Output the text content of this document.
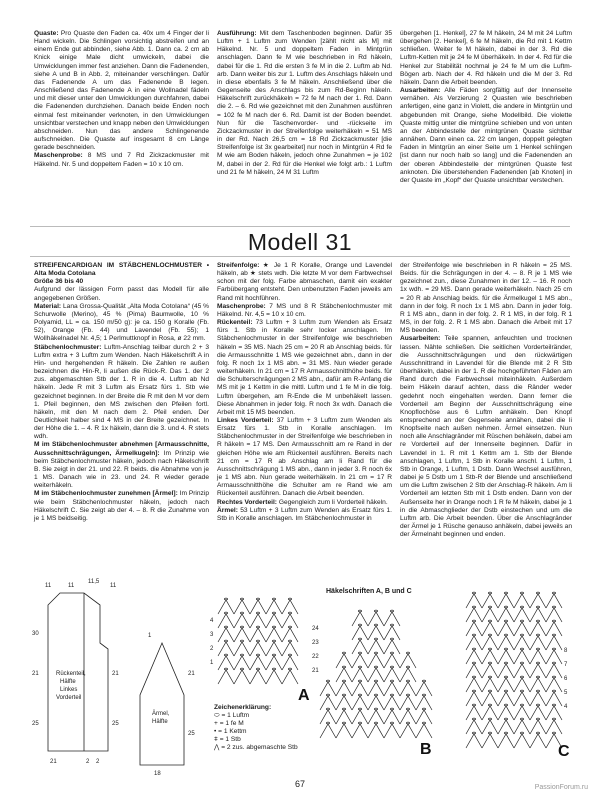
Quaste: Pro Quaste den Faden ca. 40x um 4 Finger der li Hand wickeln. Die Schlingen vorsichtig abstreifen und an einem Ende gut abbinden, siehe Abb. 1. Dann ca. 2 cm ab Knick einige Male dicht umwickeln, dabei die Umwicklungen immer fest anziehen. Dann die Fadenenden, siehe A und B in Abb. 2, miteinander verschlingen. Dafür das Fadenende A um das Fadenende B legen. Anschließend das Fadenende A in eine Wollnadel fädeln und mit dieser unter den Umwicklungen durchfahren, dabei die Fadenenden durchziehen. Danach beide Enden noch einmal fest miteinander verknoten, in den Umwicklungen unsichtbar verstechen und knapp neben den Umwicklungen abschneiden. Nun das andere Schlingenende aufschneiden. Die Quaste auf insgesamt 8 cm Länge gerade beschneiden.

Maschenprobe: 8 MS und 7 Rd Zickzackmuster mit Häkelnd. Nr. 5 und doppeltem Faden = 10 x 10 cm.

Ausführung: Mit dem Taschenboden beginnen. Dafür 35 Luftm + 1 Luftm zum Wenden [zählt nicht als M] mit Häkelnd. Nr. 5 und doppeltem Faden in Mintgrün anschlagen. Dann fe M wie beschrieben in Rd häkeln, dabei für die 1. Rd die ersten 3 fe M in die 2. Luftm ab Nd. arb. Dann weiter bis zur 1. Luftm des Anschlags häkeln und in diese ebenfalls 3 fe M häkeln. Anschließend über die Gegenseite des Anschlags bis zum Rd-Beginn häkeln. Häkelschrift zurückhäkeln = 72 fe M nach der 1. Rd. Dann die 2. – 6. Rd wie gezeichnet mit den Zunahmen ausführen = 102 fe M nach der 6. Rd. Damit ist der Boden beendet. Nun für die Taschenvorder- und -rückseite im Zickzackmuster in der Streifenfolge weiterhäkeln = 51 MS in der Rd. Nach 26,5 cm = 18 Rd Zickzackmuster [die Streifenfolge ist 3x gearbeitet] nur noch in Mintgrün 4 Rd fe M wie am Boden häkeln, jedoch ohne Zunahmen = je 102 M, dabei in der 2. Rd für die Henkel wie folgt arb.: 1 Luftm und 21 fe M häkeln, 24 M 31 Luftm

übergehen [1. Henkel], 27 fe M häkeln, 24 M mit 24 Luftm übergehen [2. Henkel], 6 fe M häkeln, die Rd mit 1 Kettm schließen. Weiter fe M häkeln, dabei in der 3. Rd die Luftm-Ketten mit je 24 fe M überhäkeln. In der 4. Rd für die Henkel zur Stabilität nochmal je 24 fe M um die Luftm-Bögen arb. Nach der 4. Rd häkeln und die M der 3. Rd häkeln. Dann die Arbeit beenden.

Ausarbeiten: Alle Fäden sorgfältig auf der Innenseite vernähen. Als Verzierung 2 Quasten wie beschrieben anfertigen, eine ganz in Violett, die andere in Mintgrün und abgebunden mit Orange, siehe Modellbild. Die violette Quaste mittig unter die mintgrüne schieben und von unten an der Abbindestelle der mintgrünen Quaste sichtbar annähen. Dann einen ca. 22 cm langen, doppelt gelegten Faden in Mintgrün an einer Seite um 1 Henkel schlingen [ist dann nur noch halb so lang] und die Fadenenden an der oberen Abbindestelle der mintgrünen Quaste fest anknoten. Die überstehenden Fadenenden [ab Knoten] in der Quaste im „Kopf“ der Quaste unsichtbar verstechen.

Modell 31

STREIFENCARDIGAN IM STÄBCHENLOCHMUSTER • Alta Moda Cotolana

Größe 36 bis 40

Aufgrund der lässigen Form passt das Modell für alle angegebenen Größen.

Material: Lana Grossa-Qualität „Alta Moda Cotolana“ (45 % Schurwolle (Merino), 45 % (Pima) Baumwolle, 10 % Polyamid, LL = ca. 150 m/50 g): je ca. 150 g Koralle (Fb. 52), Orange (Fb. 44) und Lavendel (Fb. 55); 1 Wollhäkelnadel Nr. 4,5; 1 Perlmuttknopf in Rosa, ø 22 mm.

Stäbchenlochmuster: Luftm-Anschlag teilbar durch 2 + 3 Luftm extra + 3 Luftm zum Wenden. Nach Häkelschrift A in Hin- und hergehenden R häkeln. Die Zahlen re außen bezeichnen die Hin-R, li außen die Rück-R. Das 1. der 2 zus. abgemaschten Stb der 1. R in die 4. Luftm ab Nd häkeln. Jede R mit 3 Luftm als Ersatz fürs 1. Stb wie gezeichnet beginnen. In der Breite die R mit den M vor dem 1. Pfeil beginnen, den MS zwischen den Pfeilen fortl. häkeln, mit den M nach dem 2. Pfeil enden. Der Deutlichkeit halber sind 4 MS in der Breite gezeichnet. In der Höhe die 1. – 4. R 1x häkeln, dann die 3. und 4. R stets wdh.

M im Stäbchenlochmuster abnehmen [Armausschnitte, Ausschnittschrägungen, Ärmelkugeln]: Im Prinzip wie beim Stäbchenlochmuster häkeln, jedoch nach Häkelschrift B. Sie zeigt in der 21. und 22. R beids. die Abnahme von je 1 MS. Danach wie in 23. und 24. R wieder gerade weiterhäkeln.

M im Stäbchenlochmuster zunehmen [Ärmel]: Im Prinzip wie beim Stäbchenlochmuster häkeln, jedoch nach Häkelschrift C. Sie zeigt ab der 4. – 8. R die Zunahme von je 1 MS beidseitig.

Streifenfolge: ★ Je 1 R Koralle, Orange und Lavendel häkeln, ab ★ stets wdh. Die letzte M vor dem Farbwechsel schon mit der folg. Farbe abmaschen, damit ein exakter Farbübergang entsteht. Den unbenutzten Faden jeweils am Rand mit hochführen.

Maschenprobe: 7 MS und 8 R Stäbchenlochmuster mit Häkelnd. Nr. 4,5 = 10 x 10 cm.

Rückenteil: 73 Luftm + 3 Luftm zum Wenden als Ersatz fürs 1. Stb in Koralle sehr locker anschlagen. Im Stäbchenlochmuster in der Streifenfolge wie beschrieben häkeln = 35 MS. Nach 25 cm = 20 R ab Anschlag beids. für die Armausschnitte 1 MS wie gezeichnet abn., dann in der folg. R noch 1x 1 MS abn. = 31 MS. Nun wieder gerade weiterhäkeln. In 21 cm = 17 R Armausschnitthöhe beids. für die Schulterschrägungen 2 MS abn., dafür am R-Anfang die MS mit je 1 Kettm in die mittl. Luftm und 1 fe M in die folg. Luftm übergehen, am R-Ende die M unbehäkelt lassen. Diese Abnahmen in jeder folg. R noch 3x wdh. Danach die Arbeit mit 15 MS beenden.

Linkes Vorderteil: 37 Luftm + 3 Luftm zum Wenden als Ersatz fürs 1. Stb in Koralle anschlagen. Im Stäbchenlochmuster in der Streifenfolge wie beschrieben in R häkeln = 17 MS. Den Armausschnitt am re Rand in der gleichen Höhe wie am Rückenteil ausführen. Bereits nach 21 cm = 17 R ab Anschlag am li Rand für die Ausschnittschrägung 1 MS abn., dann in jeder 3. R noch 6x je 1 MS abn. Nun gerade weiterhäkeln. In 21 cm = 17 R Armausschnitthöhe die Schulter am re Rand wie am Rückenteil ausführen. Danach die Arbeit beenden.

Rechtes Vorderteil: Gegengleich zum li Vorderteil häkeln.

Ärmel: 53 Luftm + 3 Luftm zum Wenden als Ersatz fürs 1. Stb in Koralle anschlagen. Im Stäbchenlochmuster in

der Streifenfolge wie beschrieben in R häkeln = 25 MS. Beids. für die Schrägungen in der 4. – 8. R je 1 MS wie gezeichnet zun., diese Zunahmen in der 12. – 16. R noch 1x wdh. = 29 MS. Dann gerade weiterhäkeln. Nach 25 cm = 20 R ab Anschlag beids. für die Ärmelkugel 1 MS abn., dann in der folg. R noch 1x 1 MS abn. Dann in jeder folg. R 1 MS abn., dann in der folg. 2. R 1 MS, in der folg. R 1 MS, in der folg. 2. R 1 MS abn. Danach die Arbeit mit 17 MS beenden.

Ausarbeiten: Teile spannen, anfeuchten und trocknen lassen. Nähte schließen. Die seitlichen Vorderteilränder, die Ausschnittschrägungen und den rückwärtigen Ausschnittrand in Lavendel für die Blende mit 2 R Stb überhäkeln, dabei in der 1. R die hochgeführten Fäden am Rand durch die Farbwechsel miteinhäkeln. Außerdem beim Häkeln darauf achten, dass die Ränder weder gedehnt noch eingehalten werden. Dann ferner die Vorderteil am Beginn der Ausschnittschrägung eine Knopflochöse aus 6 Luftm anhäkeln. Den Knopf entsprechend an der Gegenseite annähen, dabei die li Knopfseite nach außen nehmen. Ärmel einsetzen. Nun noch alle Anschlagränder mit Rüschen behäkeln, dabei am re Vorderteil auf der Innenseite beginnen. Dafür in Lavendel in 1. R mit 1 Kettm am 1. Stb der Blende anschlagen, 1 Luftm, 1 Stb in Koralle anschl. 1 Luftm, 1 Stb in Orange, 1 Luftm, 1 Dstb. Dann Wechsel ausführen, dabei je 5 Dstb um 1 Stb-R der Blende und anschließend um die Luftm zwischen 2 Stb der Anschlag-R häkeln. Am li Vorderteil am letzten Stb mit 1 Dstb enden. Dann von der Außenseite her in Orange noch 1 R fe M häkeln, dabei je 1 in die Abmaschglieder der Dstb einstechen und um die Luftm arb. Die Arbeit beenden. Über die Anschlagränder der Ärmel je 1 Rüsche genauso anhäkeln, dabei jeweils an der Ärmelnaht beginnen und enden.

11	11
11,5
11
30
21
25
21
25
21	2 2
Rückenteil,
Hälfte
Linkes
Vorderteil
1
Ärmel,
Hälfte
21
25
18
A
4
3
2
1
Zeichenerklärung:
⬭ = 1 Luftm
+ = 1 fe M
• = 1 Kettm
ǂ = 1 Stb
⋀ = 2 zus. abgemaschte Stb
Häkelschriften A, B und C
B
24
23
22
21
C
8
7
6
5
4
67	PassionForum.ru
